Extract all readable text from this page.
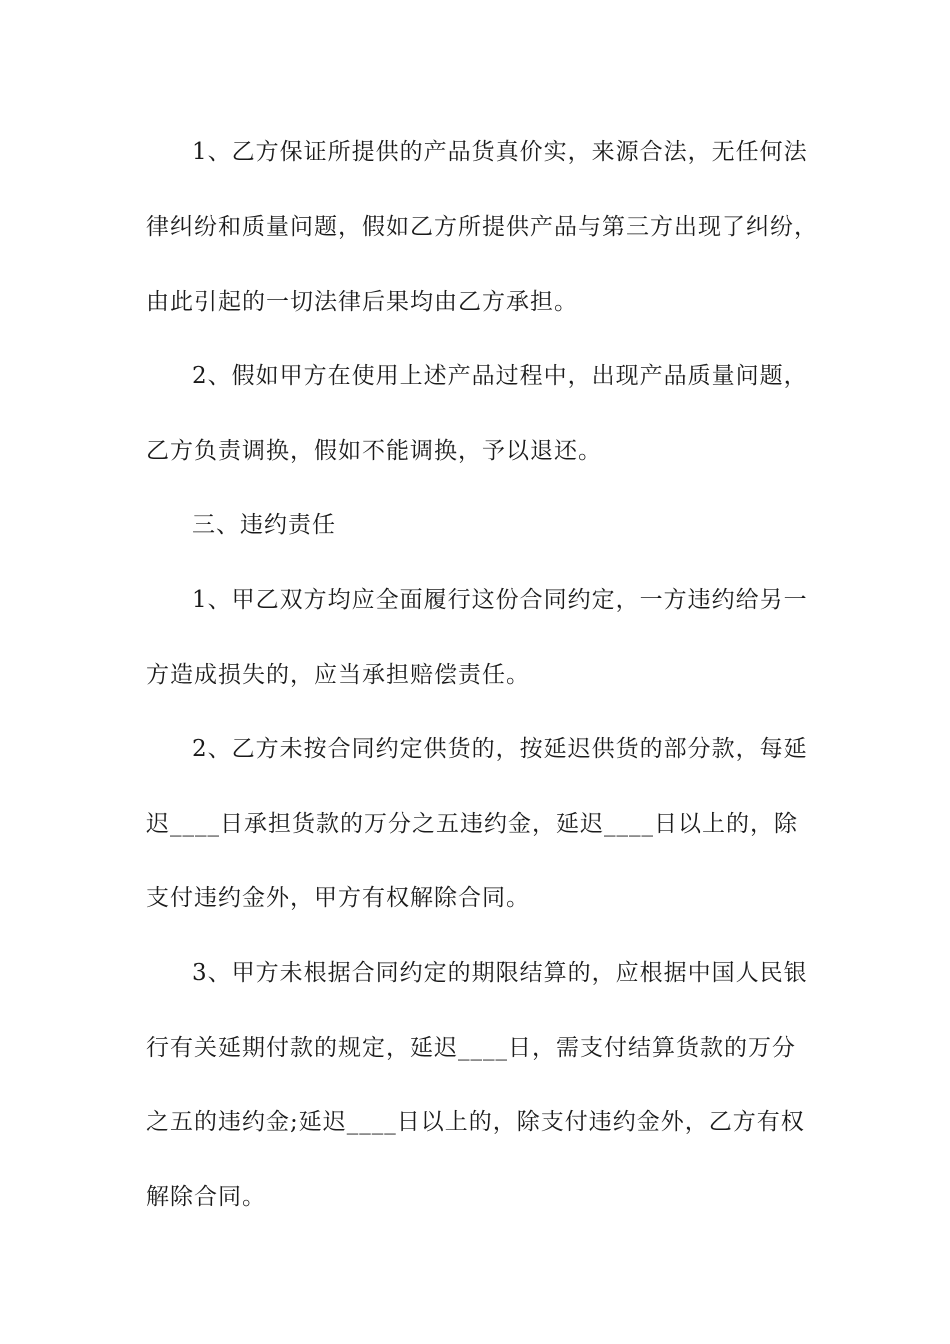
1、乙方保证所提供的产品货真价实，来源合法，无任何法
律纠纷和质量问题，假如乙方所提供产品与第三方出现了纠纷，
由此引起的一切法律后果均由乙方承担。
2、假如甲方在使用上述产品过程中，出现产品质量问题，
乙方负责调换，假如不能调换，予以退还。
三、违约责任
1、甲乙双方均应全面履行这份合同约定，一方违约给另一
方造成损失的，应当承担赔偿责任。
2、乙方未按合同约定供货的，按延迟供货的部分款，每延
迟____日承担货款的万分之五违约金，延迟____日以上的，除
支付违约金外，甲方有权解除合同。
3、甲方未根据合同约定的期限结算的，应根据中国人民银
行有关延期付款的规定，延迟____日，需支付结算货款的万分
之五的违约金;延迟____日以上的，除支付违约金外，乙方有权
解除合同。
